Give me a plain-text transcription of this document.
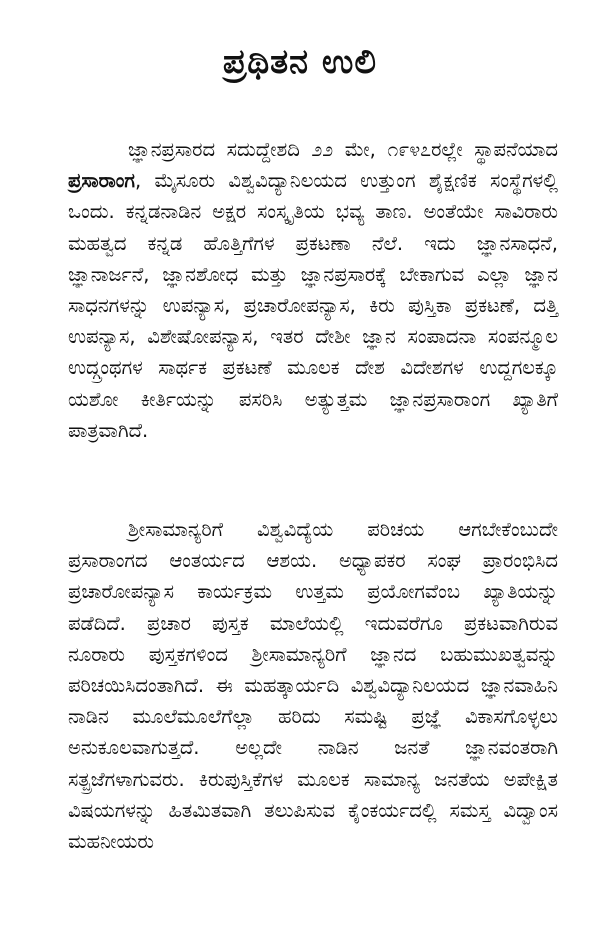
ಪ್ರಥಿತನ ಉಲಿ

ಜ್ಞಾನಪ್ರಸಾರದ ಸದುದ್ದೇಶದಿ ೨೨ ಮೇ, ೧೯೪೭ರಲ್ಲೇ ಸ್ಥಾಪನೆಯಾದ ಪ್ರಸಾರಾಂಗ, ಮೈಸೂರು ವಿಶ್ವವಿದ್ಯಾನಿಲಯದ ಉತ್ತುಂಗ ಶೈಕ್ಷಣಿಕ ಸಂಸ್ಥೆಗಳಲ್ಲಿ ಒಂದು. ಕನ್ನಡನಾಡಿನ ಅಕ್ಷರ ಸಂಸ್ಕೃತಿಯ ಭವ್ಯ ತಾಣ. ಅಂತೆಯೇ ಸಾವಿರಾರು ಮಹತ್ವದ ಕನ್ನಡ ಹೊತ್ತಿಗೆಗಳ ಪ್ರಕಟಣಾ ನೆಲೆ. ಇದು ಜ್ಞಾನಸಾಧನೆ, ಜ್ಞಾನಾರ್ಜನೆ, ಜ್ಞಾನಶೋಧ ಮತ್ತು ಜ್ಞಾನಪ್ರಸಾರಕ್ಕೆ ಬೇಕಾಗುವ ಎಲ್ಲಾ ಜ್ಞಾನ ಸಾಧನಗಳನ್ನು ಉಪನ್ಯಾಸ, ಪ್ರಚಾರೋಪನ್ಯಾಸ, ಕಿರು ಪುಸ್ತಿಕಾ ಪ್ರಕಟಣೆ, ದತ್ತಿ ಉಪನ್ಯಾಸ, ವಿಶೇಷೋಪನ್ಯಾಸ, ಇತರ ದೇಶೀ ಜ್ಞಾನ ಸಂಪಾದನಾ ಸಂಪನ್ಮೂಲ ಉದ್ಗ್ರಂಥಗಳ ಸಾರ್ಥಕ ಪ್ರಕಟಣೆ ಮೂಲಕ ದೇಶ ವಿದೇಶಗಳ ಉದ್ದಗಲಕ್ಕೂ ಯಶೋ ಕೀರ್ತಿಯನ್ನು ಪಸರಿಸಿ ಅತ್ಯುತ್ತಮ ಜ್ಞಾನಪ್ರಸಾರಾಂಗ ಖ್ಯಾತಿಗೆ ಪಾತ್ರವಾಗಿದೆ.

ಶ್ರೀಸಾಮಾನ್ಯರಿಗೆ ವಿಶ್ವವಿದ್ಯೆಯ ಪರಿಚಯ ಆಗಬೇಕೆಂಬುದೇ ಪ್ರಸಾರಾಂಗದ ಆಂತರ್ಯದ ಆಶಯ. ಅಧ್ಯಾಪಕರ ಸಂಘ ಪ್ರಾರಂಭಿಸಿದ ಪ್ರಚಾರೋಪನ್ಯಾಸ ಕಾರ್ಯಕ್ರಮ ಉತ್ತಮ ಪ್ರಯೋಗವೆಂಬ ಖ್ಯಾತಿಯನ್ನು ಪಡೆದಿದೆ. ಪ್ರಚಾರ ಪುಸ್ತಕ ಮಾಲೆಯಲ್ಲಿ ಇದುವರೆಗೂ ಪ್ರಕಟವಾಗಿರುವ ನೂರಾರು ಪುಸ್ತಕಗಳಿಂದ ಶ್ರೀಸಾಮಾನ್ಯರಿಗೆ ಜ್ಞಾನದ ಬಹುಮುಖತ್ವವನ್ನು ಪರಿಚಯಿಸಿದಂತಾಗಿದೆ. ಈ ಮಹತ್ಕಾರ್ಯದಿ ವಿಶ್ವವಿದ್ಯಾನಿಲಯದ ಜ್ಞಾನವಾಹಿನಿ ನಾಡಿನ ಮೂಲೆಮೂಲೆಗೆಲ್ಲಾ ಹರಿದು ಸಮಷ್ಟಿ ಪ್ರಜ್ಞೆ ವಿಕಾಸಗೊಳ್ಳಲು ಅನುಕೂಲವಾಗುತ್ತದೆ. ಅಲ್ಲದೇ ನಾಡಿನ ಜನತೆ ಜ್ಞಾನವಂತರಾಗಿ ಸತ್ಪ್ರಜೆಗಳಾಗುವರು. ಕಿರುಪುಸ್ತಿಕೆಗಳ ಮೂಲಕ ಸಾಮಾನ್ಯ ಜನತೆಯ ಅಪೇಕ್ಷಿತ ವಿಷಯಗಳನ್ನು ಹಿತಮಿತವಾಗಿ ತಲುಪಿಸುವ ಕೈಂಕರ್ಯದಲ್ಲಿ ಸಮಸ್ತ ವಿದ್ವಾಂಸ ಮಹನೀಯರು
